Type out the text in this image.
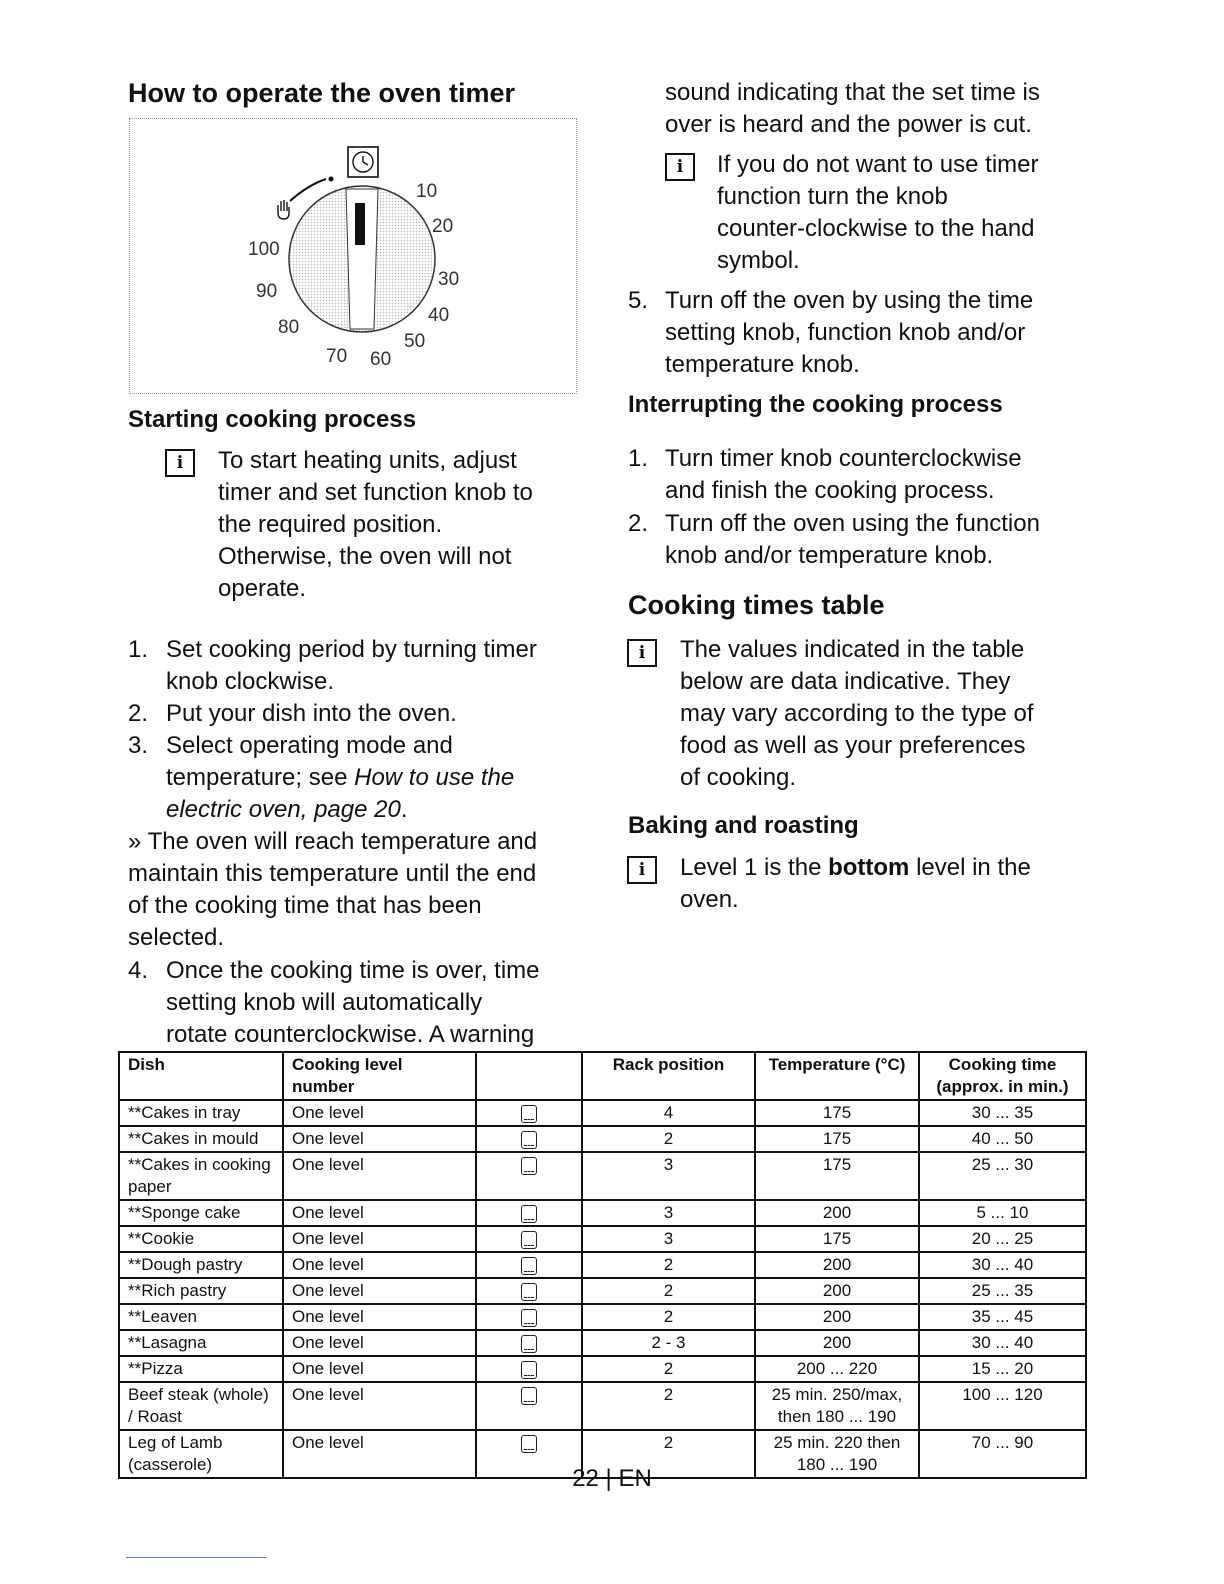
How to operate the oven timer
10
20
30
40
50
60
70
80
90
100
Starting cooking process
i To start heating units, adjust
timer and set function knob to
the required position.
Otherwise, the oven will not
operate.
1. Set cooking period by turning timer
knob clockwise.
2. Put your dish into the oven.
3. Select operating mode and
temperature; see How to use the
electric oven, page 20.
» The oven will reach temperature and
maintain this temperature until the end
of the cooking time that has been
selected.
4. Once the cooking time is over, time
setting knob will automatically
rotate counterclockwise. A warning
sound indicating that the set time is
over is heard and the power is cut.
i If you do not want to use timer
function turn the knob
counter-clockwise to the hand
symbol.
5. Turn off the oven by using the time
setting knob, function knob and/or
temperature knob.
Interrupting the cooking process
1. Turn timer knob counterclockwise
and finish the cooking process.
2. Turn off the oven using the function
knob and/or temperature knob.
Cooking times table
i The values indicated in the table
below are data indicative. They
may vary according to the type of
food as well as your preferences
of cooking.
Baking and roasting
i Level 1 is the bottom level in the
oven.
Dish	Cooking level number		Rack position	Temperature (°C)	Cooking time (approx. in min.)
**Cakes in tray	One level		4	175	30 ... 35
**Cakes in mould	One level		2	175	40 ... 50
**Cakes in cooking paper	One level		3	175	25 ... 30
**Sponge cake	One level		3	200	5 ... 10
**Cookie	One level		3	175	20 ... 25
**Dough pastry	One level		2	200	30 ... 40
**Rich pastry	One level		2	200	25 ... 35
**Leaven	One level		2	200	35 ... 45
**Lasagna	One level		2 - 3	200	30 ... 40
**Pizza	One level		2	200 ... 220	15 ... 20
Beef steak (whole) / Roast	One level		2	25 min. 250/max, then 180 ... 190	100 ... 120
Leg of Lamb (casserole)	One level		2	25 min. 220 then 180 ... 190	70 ... 90
22 | EN
